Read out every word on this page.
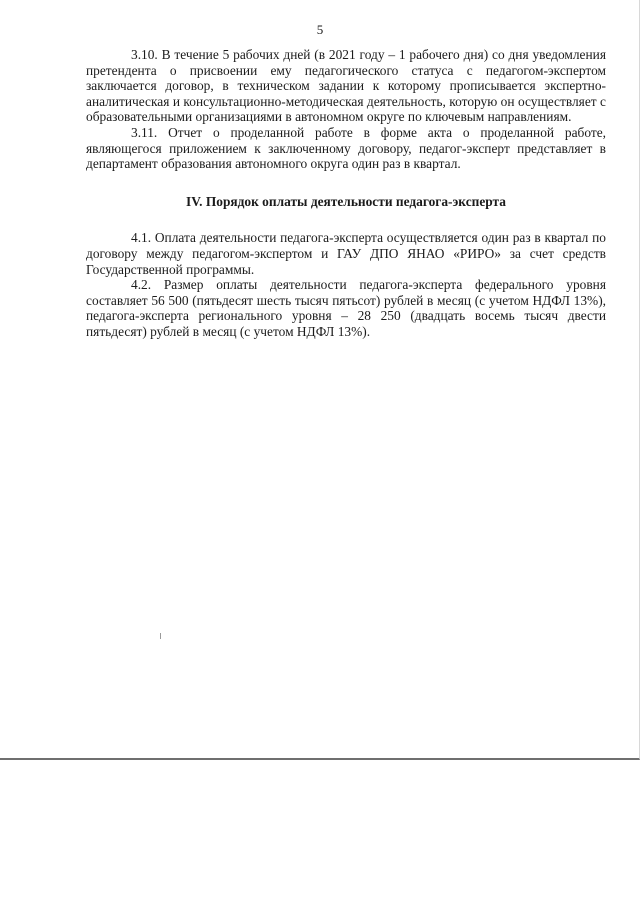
5

3.10. В течение 5 рабочих дней (в 2021 году – 1 рабочего дня) со дня уведомления претендента о присвоении ему педагогического статуса с педагогом-экспертом заключается договор, в техническом задании к которому прописывается экспертно-аналитическая и консультационно-методическая деятельность, которую он осуществляет с образовательными организациями в автономном округе по ключевым направлениям.

3.11. Отчет о проделанной работе в форме акта о проделанной работе, являющегося приложением к заключенному договору, педагог-эксперт представляет в департамент образования автономного округа один раз в квартал.

IV. Порядок оплаты деятельности педагога-эксперта

4.1. Оплата деятельности педагога-эксперта осуществляется один раз в квартал по договору между педагогом-экспертом и ГАУ ДПО ЯНАО «РИРО» за счет средств Государственной программы.

4.2. Размер оплаты деятельности педагога-эксперта федерального уровня составляет 56 500 (пятьдесят шесть тысяч пятьсот) рублей в месяц (с учетом НДФЛ 13%), педагога-эксперта регионального уровня – 28 250 (двадцать восемь тысяч двести пятьдесят) рублей в месяц (с учетом НДФЛ 13%).
